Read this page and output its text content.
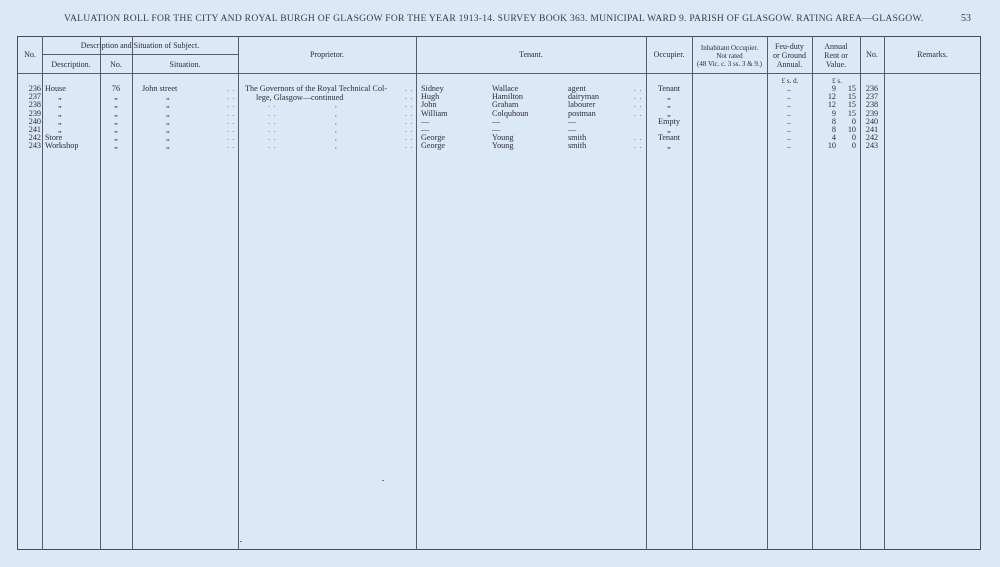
VALUATION ROLL FOR THE CITY AND ROYAL BURGH OF GLASGOW FOR THE YEAR 1913-14. SURVEY BOOK 363. MUNICIPAL WARD 9. PARISH OF GLASGOW. RATING AREA—GLASGOW.	53
No.
Description and Situation of Subject.
Description.	No.	Situation.
Proprietor.	Tenant.	Occupier.
Inhabitant Occupier.
Not rated
(48 Vic. c. 3 ss. 3 & 9.)
Feu-duty
or Ground
Annual.
Annual
Rent or
Value.
No.	Remarks.
£ s. d.	£ s.
The Governors of the Royal Technical Col-
lege, Glasgow—continued
236 House	76	John street	Sidney	Wallace	agent	Tenant	..	9	15	236
. .	. .	. .
237 „	„	„	Hugh	Hamilton	dairyman	„	..	12	15	237
. .	. .	. .
238 „	„	„	John	Graham	labourer	„	..	12	15	238
. .	. .	,	. .	. .
239 „	„	„	William	Colquhoun	postman	„	..	9	15	239
. .	. .	,	. .	. .
240 „	„	„	—	—	—	Empty	..	8	0	240
. .	. .	,	. .
241 „	„	„	—	—	—	„	..	8	10	241
. .	. .	,	. .
242 Store	„	„	George	Young	smith	Tenant	..	4	0	242
. .	. .	,	. .	. .
243 Workshop	„	„	George	Young	smith	„	..	10	0	243
. .	. .	,	. .	. .
